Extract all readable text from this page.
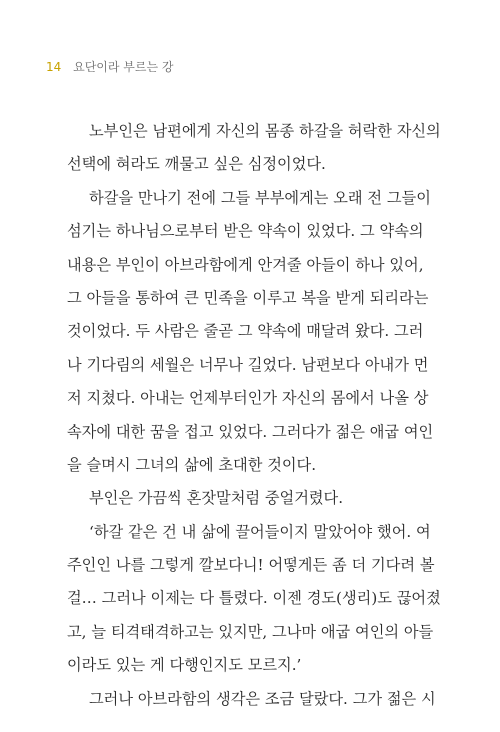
14 요단이라 부르는 강
노부인은 남편에게 자신의 몸종 하갈을 허락한 자신의
선택에 혀라도 깨물고 싶은 심정이었다.
하갈을 만나기 전에 그들 부부에게는 오래 전 그들이
섬기는 하나님으로부터 받은 약속이 있었다. 그 약속의
내용은 부인이 아브라함에게 안겨줄 아들이 하나 있어,
그 아들을 통하여 큰 민족을 이루고 복을 받게 되리라는
것이었다. 두 사람은 줄곧 그 약속에 매달려 왔다. 그러
나 기다림의 세월은 너무나 길었다. 남편보다 아내가 먼
저 지쳤다. 아내는 언제부터인가 자신의 몸에서 나올 상
속자에 대한 꿈을 접고 있었다. 그러다가 젊은 애굽 여인
을 슬며시 그녀의 삶에 초대한 것이다.
부인은 가끔씩 혼잣말처럼 중얼거렸다.
‘하갈 같은 건 내 삶에 끌어들이지 말았어야 했어. 여
주인인 나를 그렇게 깔보다니! 어떻게든 좀 더 기다려 볼
걸… 그러나 이제는 다 틀렸다. 이젠 경도(생리)도 끊어졌
고, 늘 티격태격하고는 있지만, 그나마 애굽 여인의 아들
이라도 있는 게 다행인지도 모르지.’
그러나 아브라함의 생각은 조금 달랐다. 그가 젊은 시
